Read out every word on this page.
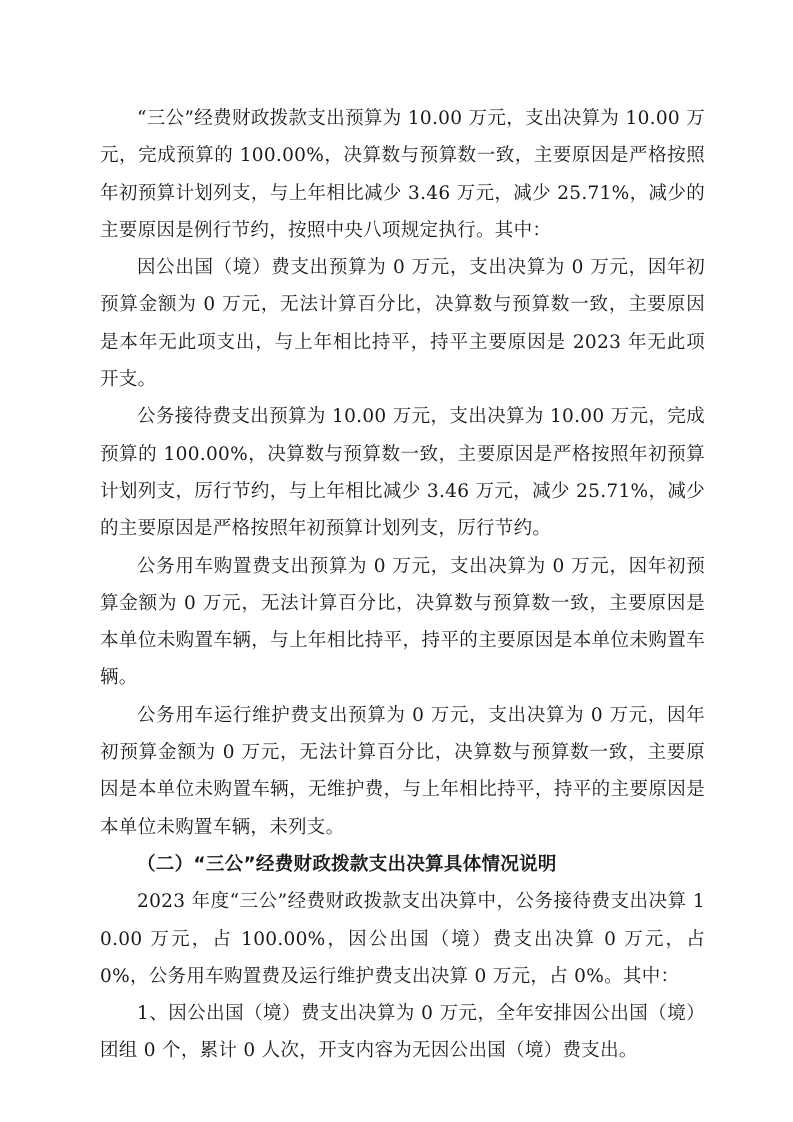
“三公”经费财政拨款支出预算为 10.00 万元，支出决算为 10.00 万元，完成预算的 100.00%，决算数与预算数一致，主要原因是严格按照年初预算计划列支，与上年相比减少 3.46 万元，减少 25.71%，减少的主要原因是例行节约，按照中央八项规定执行。其中：

因公出国（境）费支出预算为 0 万元，支出决算为 0 万元，因年初预算金额为 0 万元，无法计算百分比，决算数与预算数一致，主要原因是本年无此项支出，与上年相比持平，持平主要原因是 2023 年无此项开支。

公务接待费支出预算为 10.00 万元，支出决算为 10.00 万元，完成预算的 100.00%，决算数与预算数一致，主要原因是严格按照年初预算计划列支，厉行节约，与上年相比减少 3.46 万元，减少 25.71%，减少的主要原因是严格按照年初预算计划列支，厉行节约。

公务用车购置费支出预算为 0 万元，支出决算为 0 万元，因年初预算金额为 0 万元，无法计算百分比，决算数与预算数一致，主要原因是本单位未购置车辆，与上年相比持平，持平的主要原因是本单位未购置车辆。

公务用车运行维护费支出预算为 0 万元，支出决算为 0 万元，因年初预算金额为 0 万元，无法计算百分比，决算数与预算数一致，主要原因是本单位未购置车辆，无维护费，与上年相比持平，持平的主要原因是本单位未购置车辆，未列支。

（二）“三公”经费财政拨款支出决算具体情况说明

2023 年度“三公”经费财政拨款支出决算中，公务接待费支出决算 10.00 万元，占 100.00%，因公出国（境）费支出决算 0 万元，占 0%，公务用车购置费及运行维护费支出决算 0 万元，占 0%。其中：

1、因公出国（境）费支出决算为 0 万元，全年安排因公出国（境）团组 0 个，累计 0 人次，开支内容为无因公出国（境）费支出。
